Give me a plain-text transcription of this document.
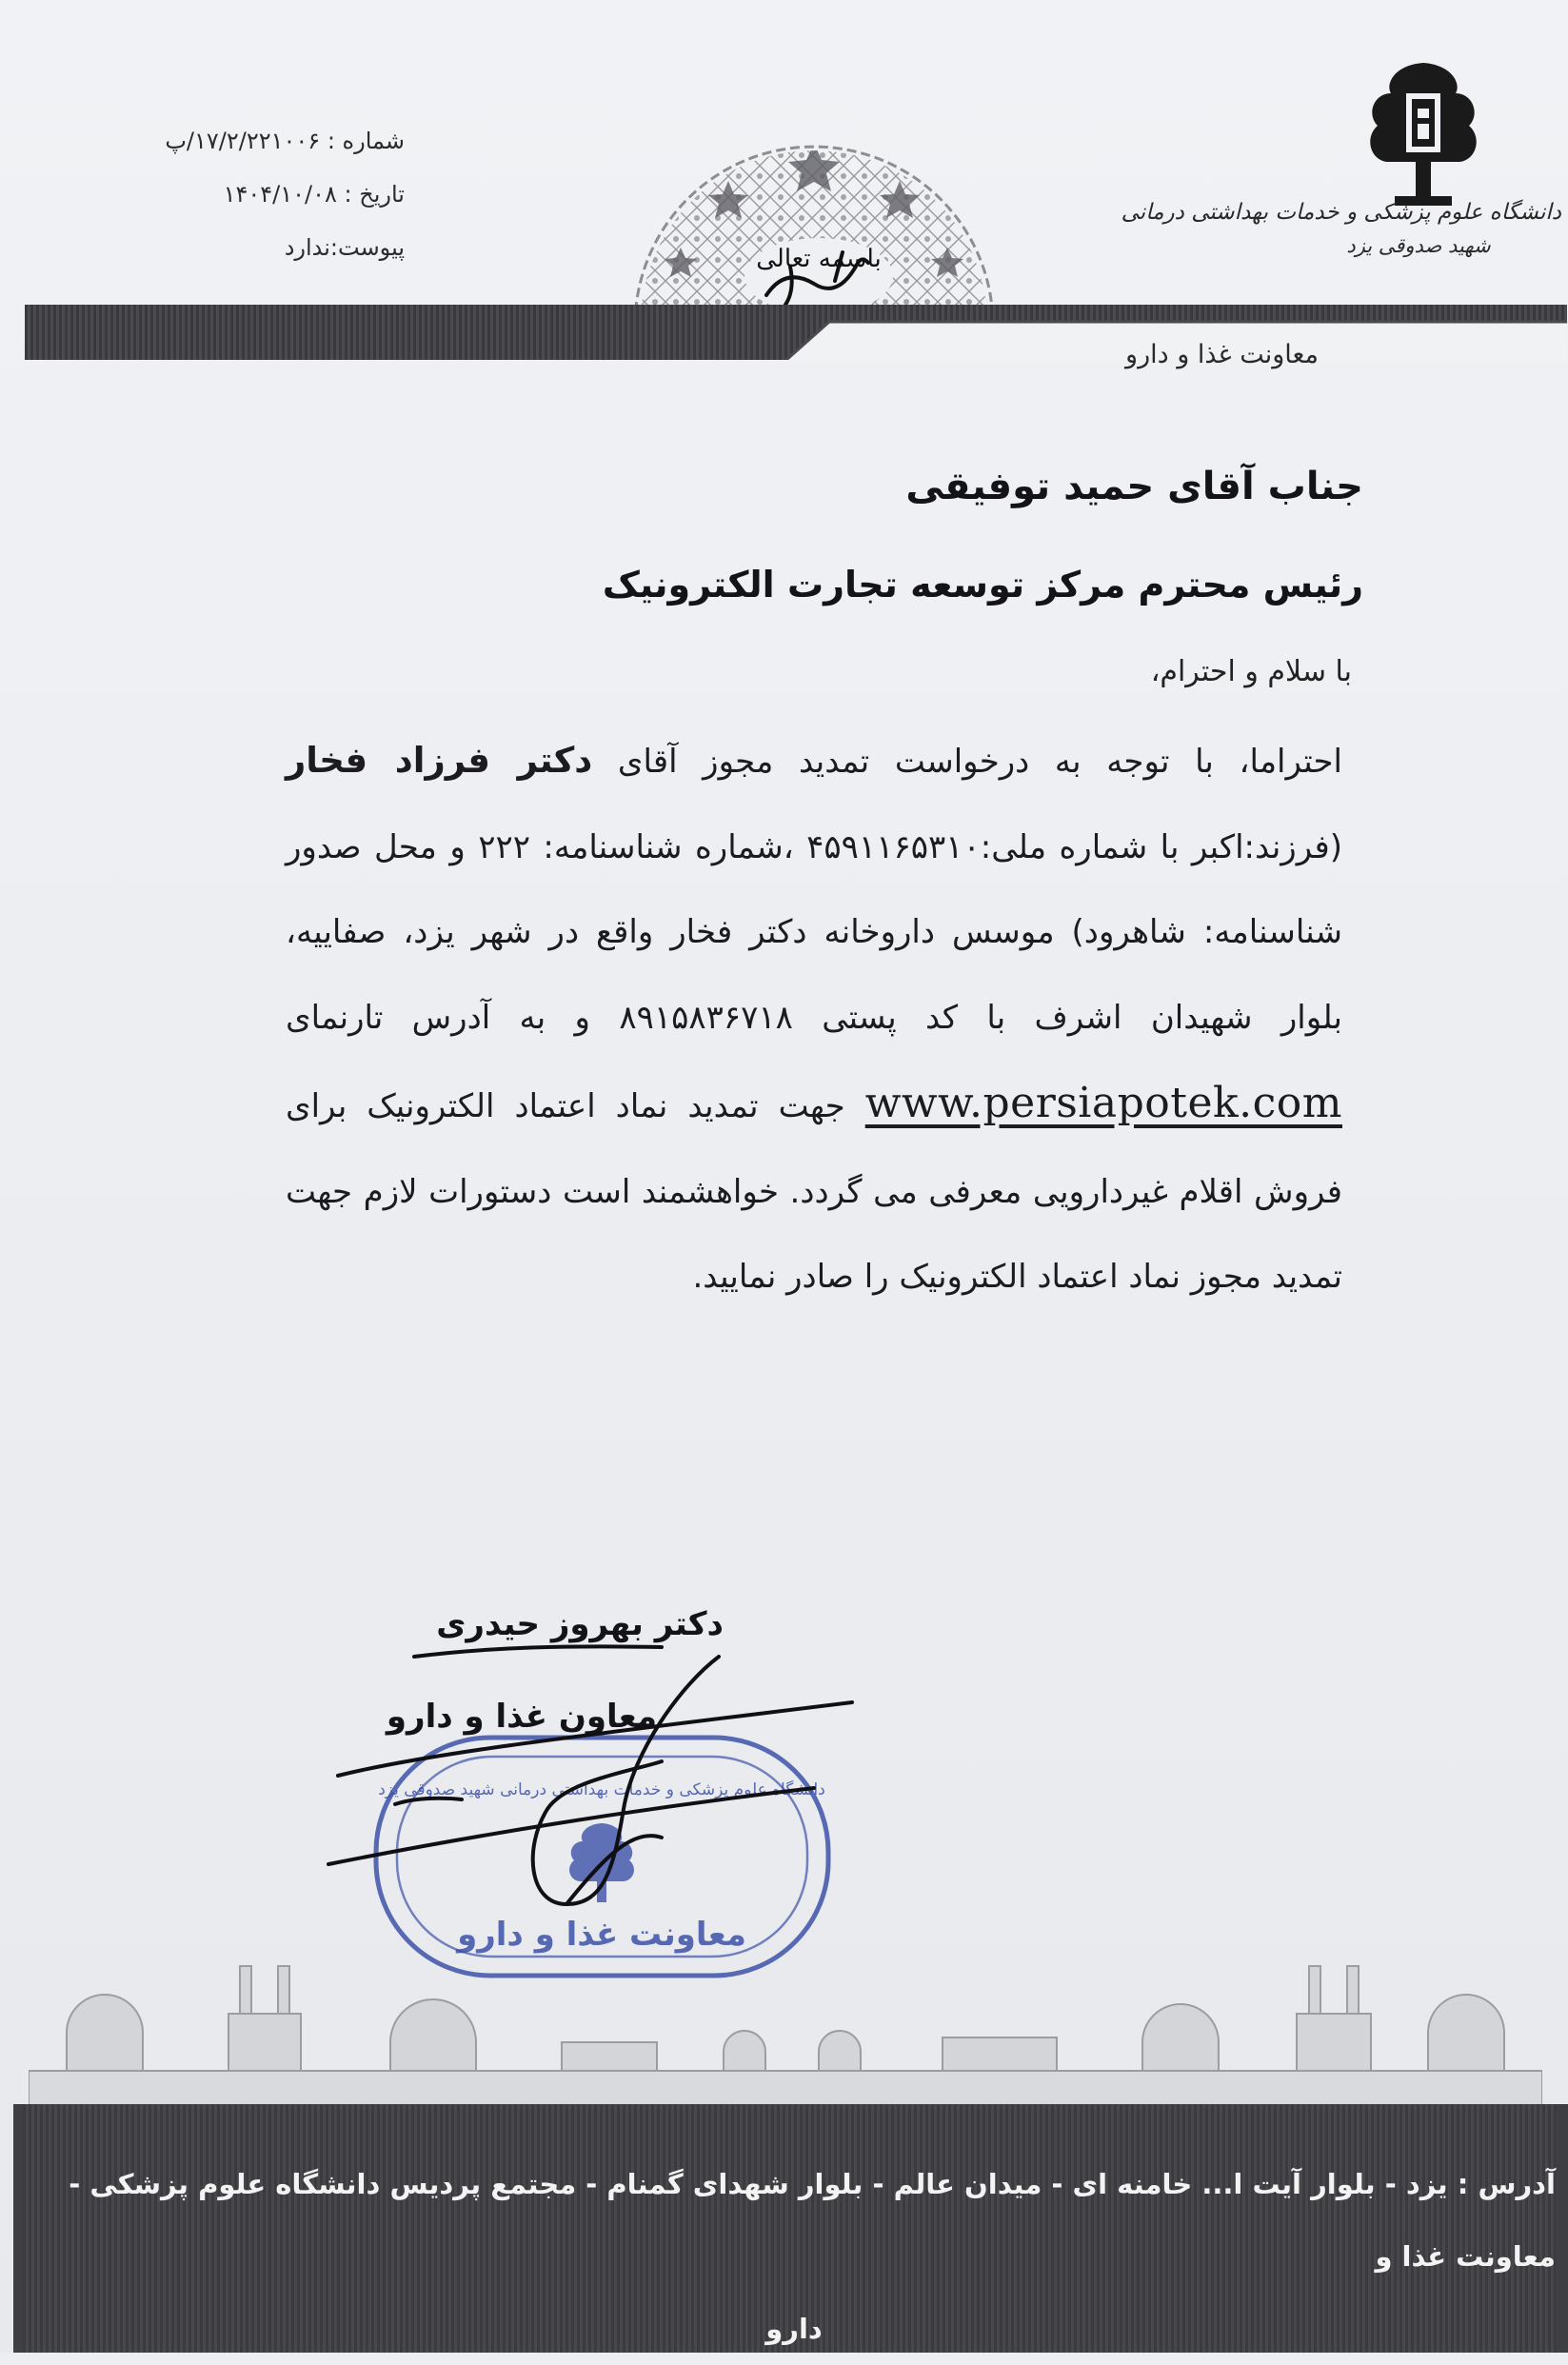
شماره : ۱۷/۲/۲۲۱۰۰۶/پ
تاریخ : ۱۴۰۴/۱۰/۰۸
پیوست:ندارد	باسمه تعالی
دانشگاه علوم پزشکی و خدمات بهداشتی درمانی
شهید صدوقی یزد
معاونت غذا و دارو
جناب آقای حمید توفیقی
رئیس محترم مرکز توسعه تجارت الکترونیک
با سلام و احترام،
احتراما، با توجه به درخواست تمدید مجوز آقای دکتر فرزاد فخار (فرزند:اکبر با شماره ملی:۴۵۹۱۱۶۵۳۱۰ ،شماره شناسنامه: ۲۲۲ و محل صدور شناسنامه: شاهرود) موسس داروخانه دکتر فخار واقع در شهر یزد، صفاییه، بلوار شهیدان اشرف با کد پستی ۸۹۱۵۸۳۶۷۱۸ و به آدرس تارنمای www.persiapotek.com جهت تمدید نماد اعتماد الکترونیک برای فروش اقلام غیردارویی معرفی می گردد. خواهشمند است دستورات لازم جهت تمدید مجوز نماد اعتماد الکترونیک را صادر نمایید.
دکتر بهروز حیدری
معاون غذا و دارو
دانشگاه علوم پزشکی و خدمات بهداشتی درمانی شهید صدوقی یزد
معاونت غذا و دارو
آدرس : یزد - بلوار آیت ا... خامنه ای - میدان عالم - بلوار شهدای گمنام - مجتمع پردیس دانشگاه علوم پزشکی - معاونت غذا و
دارو
